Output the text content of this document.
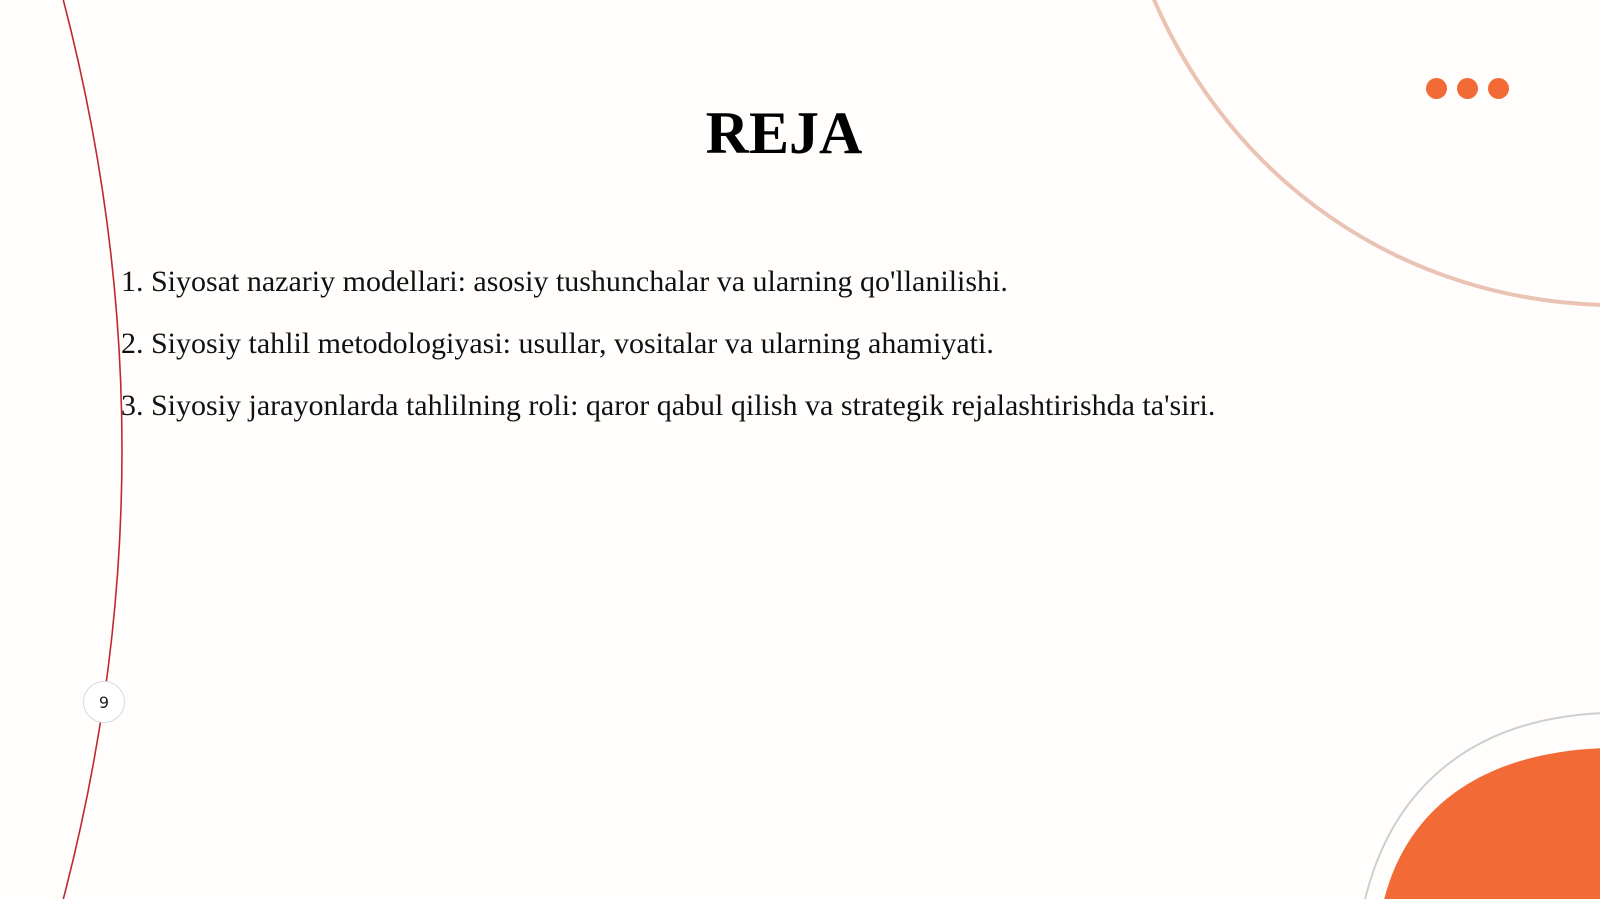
REJA
1. Siyosat nazariy modellari: asosiy tushunchalar va ularning qo'llanilishi.
2. Siyosiy tahlil metodologiyasi: usullar, vositalar va ularning ahamiyati.
3. Siyosiy jarayonlarda tahlilning roli: qaror qabul qilish va strategik rejalashtirishda ta'siri.
9
